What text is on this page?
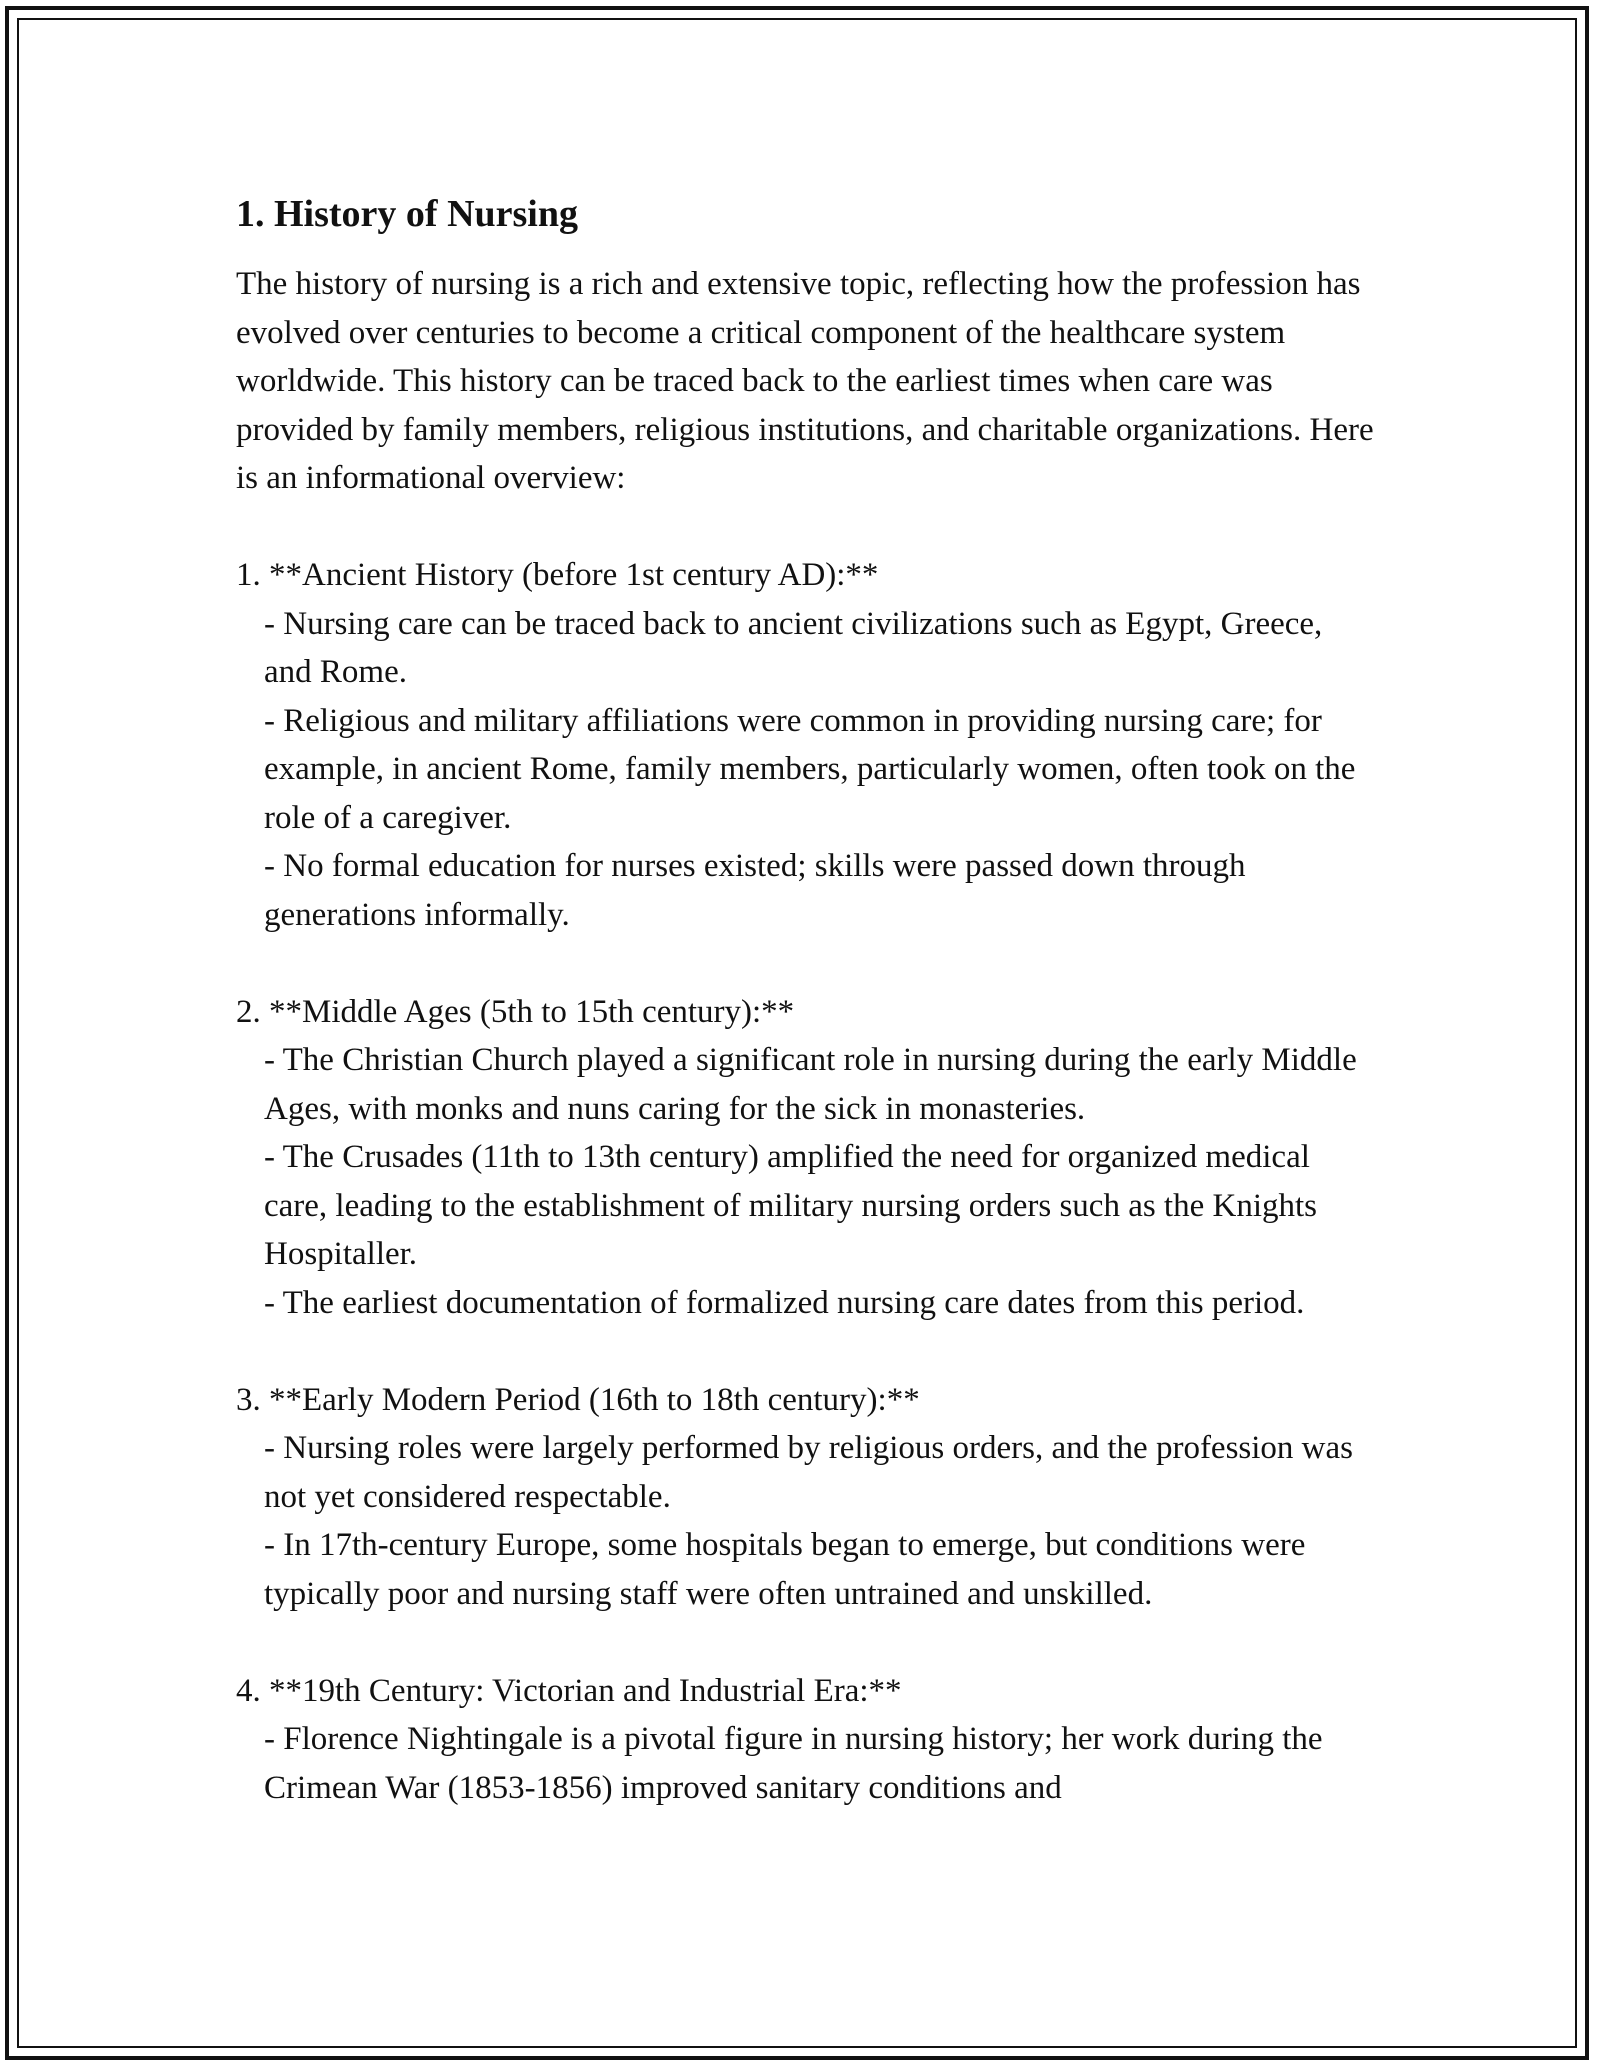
1. History of Nursing

The history of nursing is a rich and extensive topic, reflecting how the profession has evolved over centuries to become a critical component of the healthcare system worldwide. This history can be traced back to the earliest times when care was provided by family members, religious institutions, and charitable organizations. Here is an informational overview:

1. **Ancient History (before 1st century AD):**

- Nursing care can be traced back to ancient civilizations such as Egypt, Greece, and Rome.

- Religious and military affiliations were common in providing nursing care; for example, in ancient Rome, family members, particularly women, often took on the role of a caregiver.

- No formal education for nurses existed; skills were passed down through generations informally.

2. **Middle Ages (5th to 15th century):**

- The Christian Church played a significant role in nursing during the early Middle Ages, with monks and nuns caring for the sick in monasteries.

- The Crusades (11th to 13th century) amplified the need for organized medical care, leading to the establishment of military nursing orders such as the Knights Hospitaller.

- The earliest documentation of formalized nursing care dates from this period.

3. **Early Modern Period (16th to 18th century):**

- Nursing roles were largely performed by religious orders, and the profession was not yet considered respectable.

- In 17th-century Europe, some hospitals began to emerge, but conditions were typically poor and nursing staff were often untrained and unskilled.

4. **19th Century: Victorian and Industrial Era:**

- Florence Nightingale is a pivotal figure in nursing history; her work during the Crimean War (1853-1856) improved sanitary conditions and
